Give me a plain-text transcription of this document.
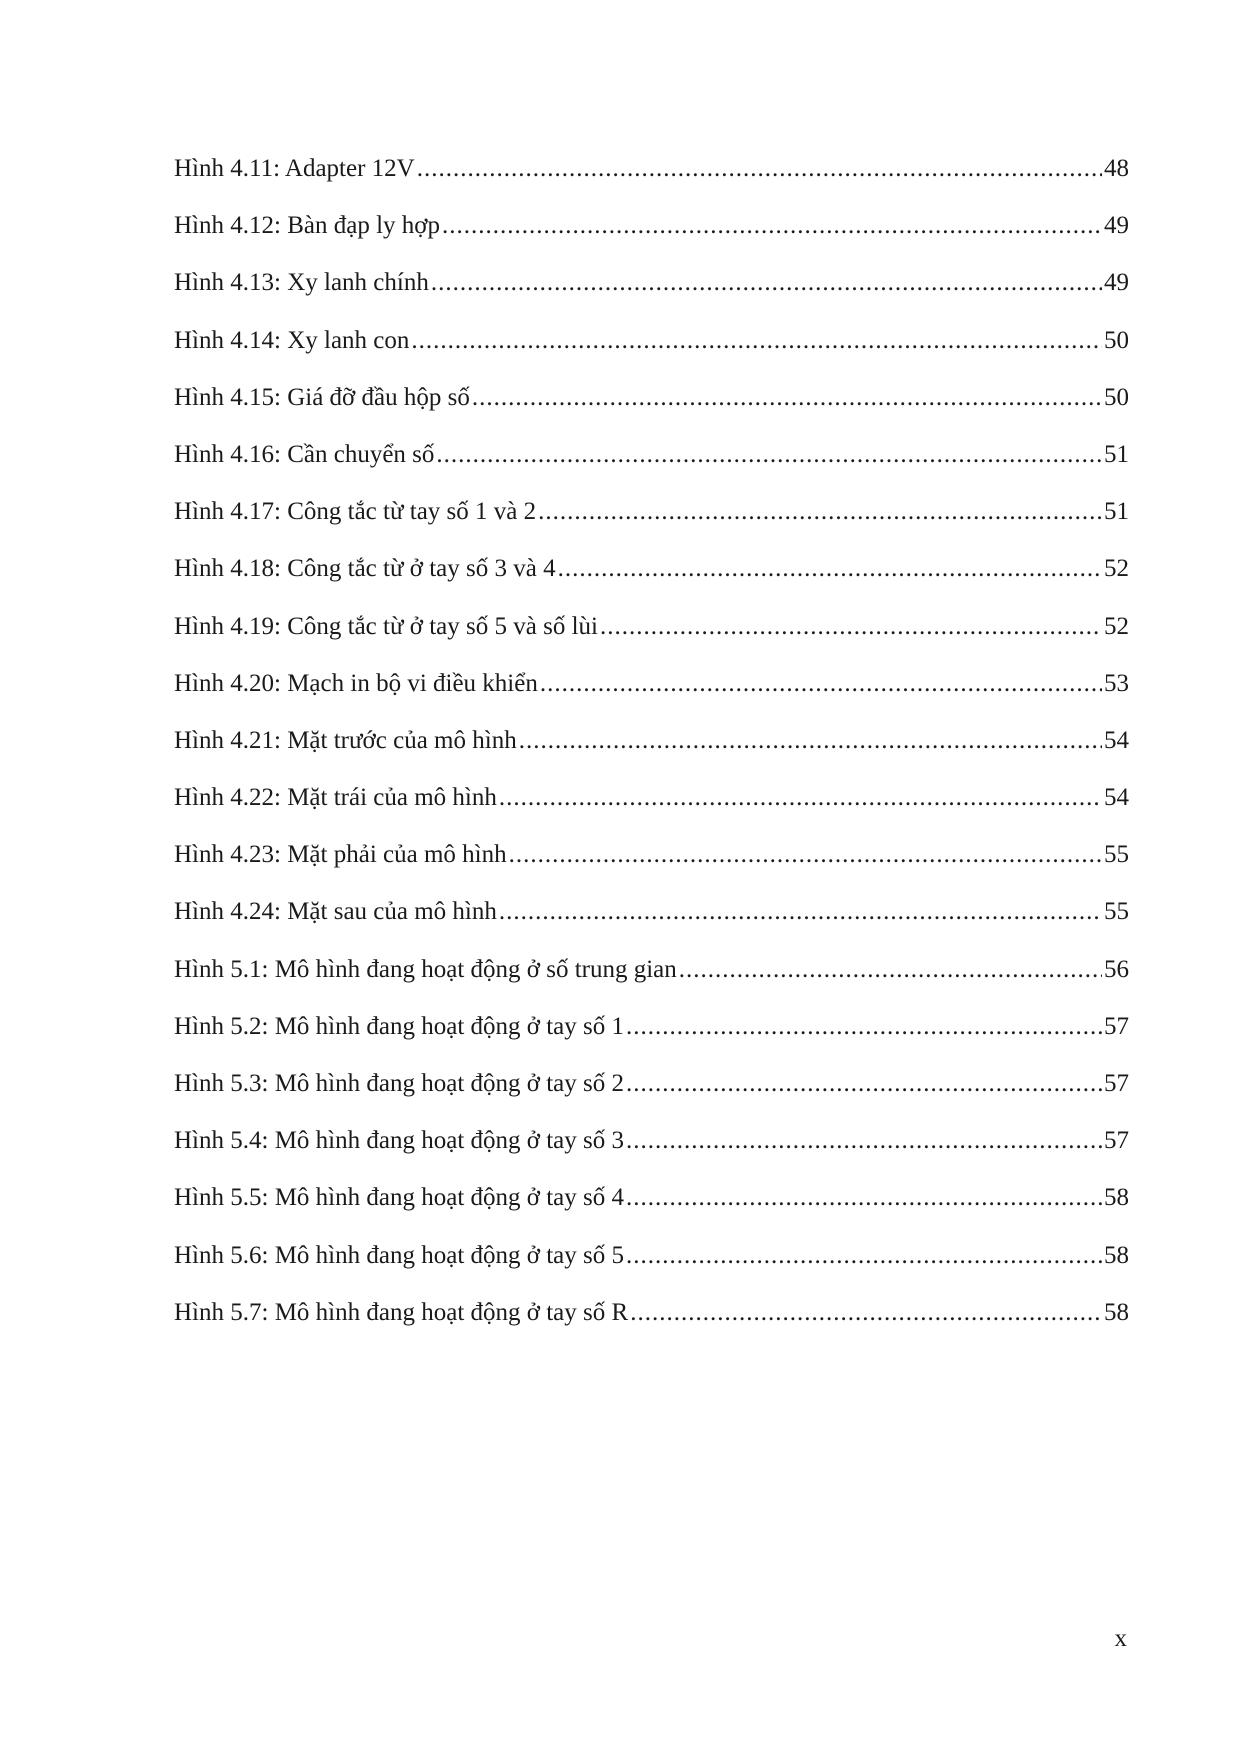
Hình 4.11: Adapter 12V .....	48
Hình 4.12: Bàn đạp ly hợp .....	49
Hình 4.13: Xy lanh chính .....	49
Hình 4.14: Xy lanh con .....	50
Hình 4.15: Giá đỡ đầu hộp số .....	50
Hình 4.16: Cần chuyển số .....	51
Hình 4.17: Công tắc từ tay số 1 và 2 .....	51
Hình 4.18: Công tắc từ ở tay số 3 và 4 .....	52
Hình 4.19: Công tắc từ ở tay số 5 và số lùi .....	52
Hình 4.20: Mạch in bộ vi điều khiển .....	53
Hình 4.21: Mặt trước của mô hình .....	54
Hình 4.22: Mặt trái của mô hình .....	54
Hình 4.23: Mặt phải của mô hình .....	55
Hình 4.24: Mặt sau của mô hình .....	55
Hình 5.1: Mô hình đang hoạt động ở số trung gian .....	56
Hình 5.2: Mô hình đang hoạt động ở tay số 1 .....	57
Hình 5.3: Mô hình đang hoạt động ở tay số 2 .....	57
Hình 5.4: Mô hình đang hoạt động ở tay số 3 .....	57
Hình 5.5: Mô hình đang hoạt động ở tay số 4 .....	58
Hình 5.6: Mô hình đang hoạt động ở tay số 5 .....	58
Hình 5.7: Mô hình đang hoạt động ở tay số R .....	58
x
